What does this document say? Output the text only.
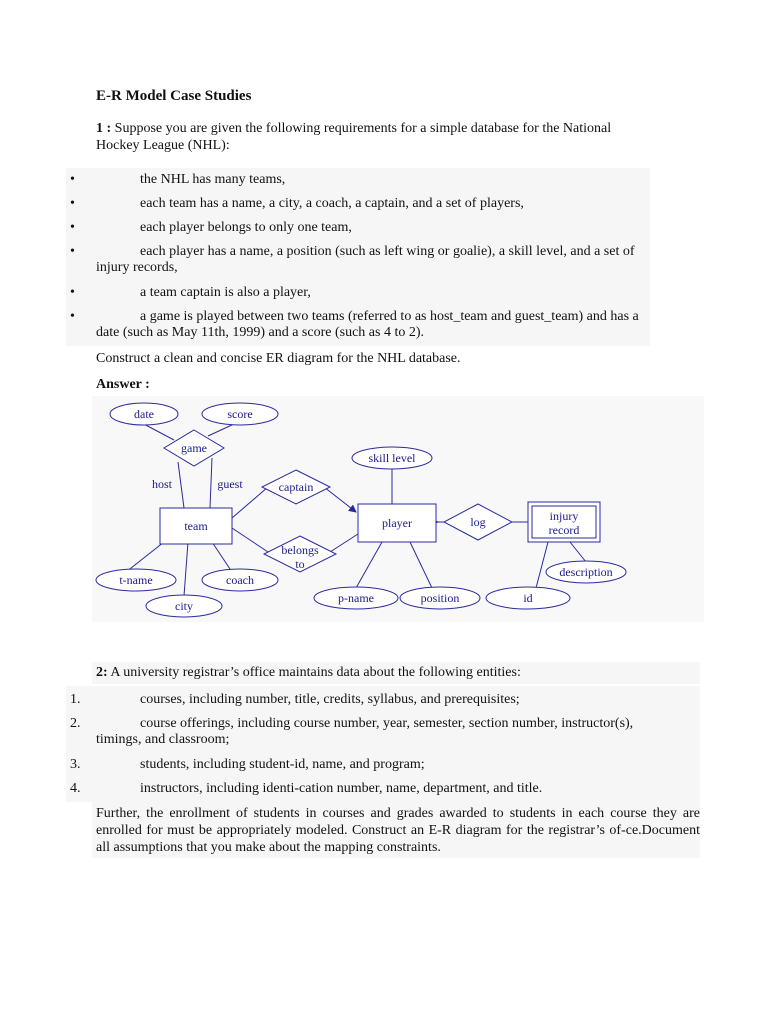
E-R Model Case Studies
1 : Suppose you are given the following requirements for a simple database for the National Hockey League (NHL):
•	the NHL has many teams,
•	each team has a name, a city, a coach, a captain, and a set of players,
•	each player belongs to only one team,
•	each player has a name, a position (such as left wing or goalie), a skill level, and a set of injury records,
•	a team captain is also a player,
•	a game is played between two teams (referred to as host_team and guest_team) and has a date (such as May 11th, 1999) and a score (such as 4 to 2).
Construct a clean and concise ER diagram for the NHL database.
Answer :
date	score
skill level
t-name
city
coach
p-name	position	id
description
game
captain
belongs
to
log
host	guest
team	player	injury
record
2: A university registrar’s office maintains data about the following entities:
1.	courses, including number, title, credits, syllabus, and prerequisites;
2.	course offerings, including course number, year, semester, section number, instructor(s), timings, and classroom;
3.	students, including student-id, name, and program;
4.	instructors, including identi-cation number, name, department, and title.
Further, the enrollment of students in courses and grades awarded to students in each course they are enrolled for must be appropriately modeled. Construct an E-R diagram for the registrar’s of-ce.Document all assumptions that you make about the mapping constraints.
